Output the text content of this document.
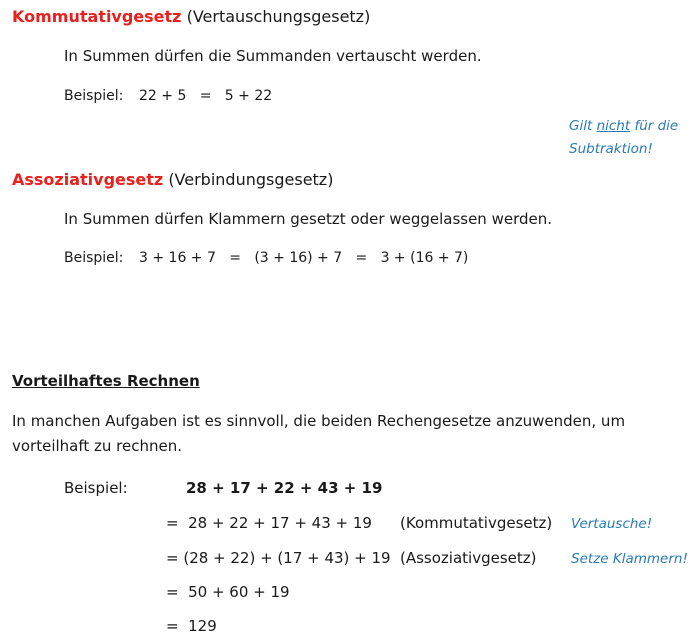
Kommutativgesetz (Vertauschungsgesetz)
In Summen dürfen die Summanden vertauscht werden.
Beispiel: 22 + 5   =   5 + 22
Gilt nicht für die
Subtraktion!
Assoziativgesetz (Verbindungsgesetz)
In Summen dürfen Klammern gesetzt oder weggelassen werden.
Beispiel: 3 + 16 + 7   =   (3 + 16) + 7   =   3 + (16 + 7)
Vorteilhaftes Rechnen
In manchen Aufgaben ist es sinnvoll, die beiden Rechengesetze anzuwenden, um
vorteilhaft zu rechnen.
Beispiel:	28 + 17 + 22 + 43 + 19
=  28 + 22 + 17 + 43 + 19 (Kommutativgesetz) Vertausche!
= (28 + 22) + (17 + 43) + 19 (Assoziativgesetz)	Setze Klammern!
=  50 + 60 + 19
=  129
